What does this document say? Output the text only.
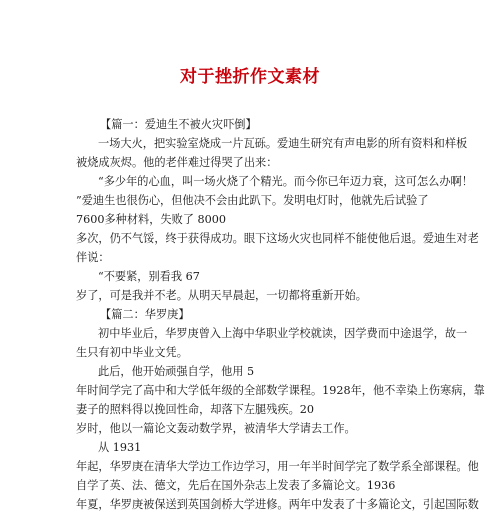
对于挫折作文素材
【篇一：爱迪生不被火灾吓倒】
一场大火，把实验室烧成一片瓦砾。爱迪生研究有声电影的所有资料和样板
被烧成灰烬。他的老伴难过得哭了出来：
“多少年的心血，叫一场火烧了个精光。而今你已年迈力衰，这可怎么办啊！
”爱迪生也很伤心，但他决不会由此趴下。发明电灯时，他就先后试验了
7600多种材料，失败了 8000
多次，仍不气馁，终于获得成功。眼下这场火灾也同样不能使他后退。爱迪生对老
伴说：
“不要紧，别看我 67
岁了，可是我并不老。从明天早晨起，一切都将重新开始。
【篇二：华罗庚】
初中毕业后，华罗庚曾入上海中华职业学校就读，因学费而中途退学，故一
生只有初中毕业文凭。
此后，他开始顽强自学，他用 5
年时间学完了高中和大学低年级的全部数学课程。1928年，他不幸染上伤寒病，靠
妻子的照料得以挽回性命，却落下左腿残疾。20
岁时，他以一篇论文轰动数学界，被清华大学请去工作。
从 1931
年起，华罗庚在清华大学边工作边学习，用一年半时间学完了数学系全部课程。他
自学了英、法、德文，先后在国外杂志上发表了多篇论文。1936
年夏，华罗庚被保送到英国剑桥大学进修。两年中发表了十多篇论文，引起国际数
